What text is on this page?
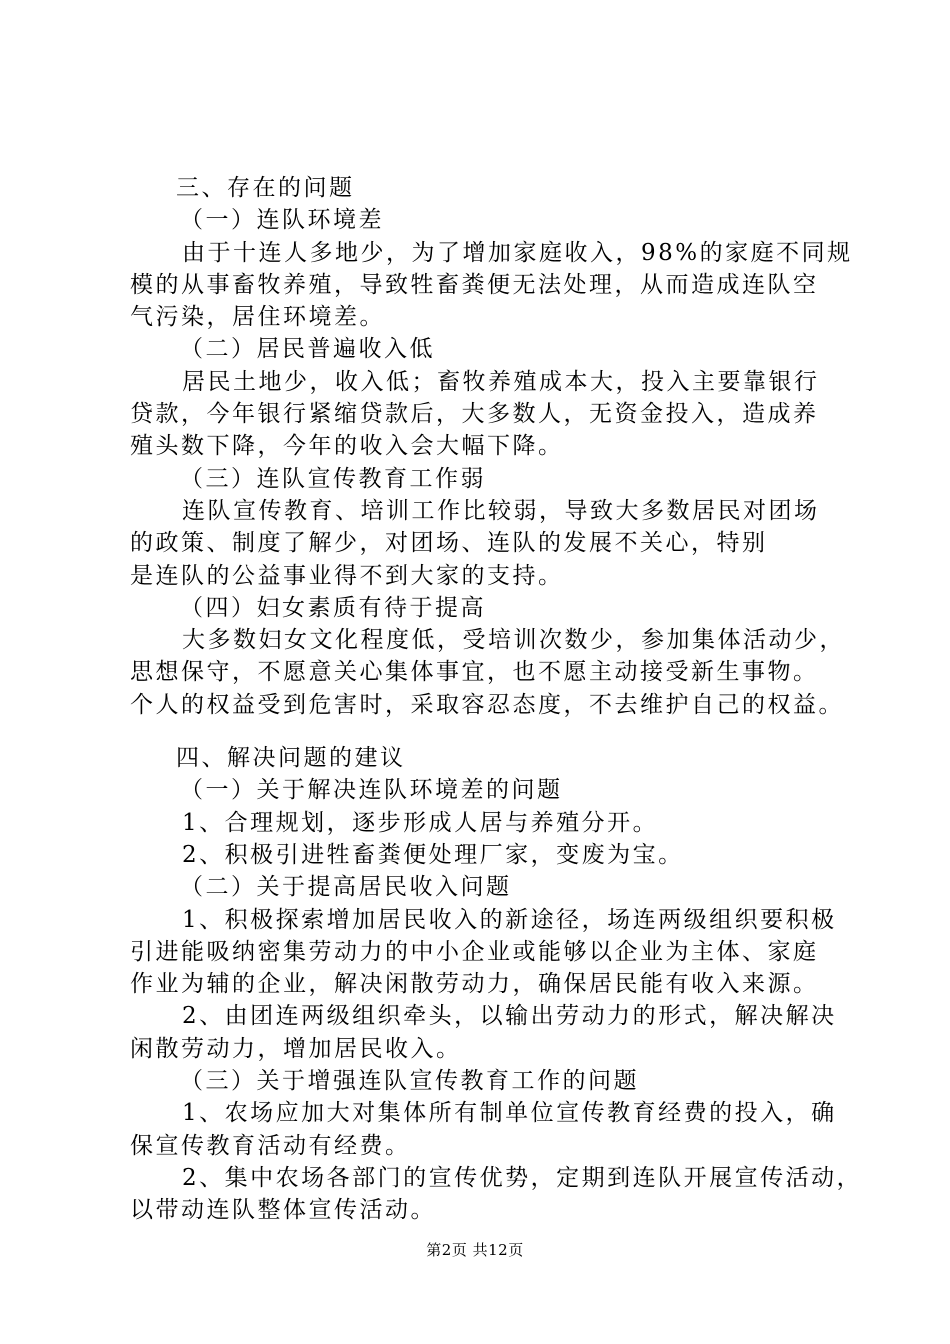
三、存在的问题
（一）连队环境差
由于十连人多地少，为了增加家庭收入，98%的家庭不同规
模的从事畜牧养殖，导致牲畜粪便无法处理，从而造成连队空
气污染，居住环境差。
（二）居民普遍收入低
居民土地少，收入低；畜牧养殖成本大，投入主要靠银行
贷款，今年银行紧缩贷款后，大多数人，无资金投入，造成养
殖头数下降，今年的收入会大幅下降。
（三）连队宣传教育工作弱
连队宣传教育、培训工作比较弱，导致大多数居民对团场
的政策、制度了解少，对团场、连队的发展不关心，特别
是连队的公益事业得不到大家的支持。
（四）妇女素质有待于提高
大多数妇女文化程度低，受培训次数少，参加集体活动少，
思想保守，不愿意关心集体事宜，也不愿主动接受新生事物。
个人的权益受到危害时，采取容忍态度，不去维护自己的权益。
四、解决问题的建议
（一）关于解决连队环境差的问题
1、合理规划，逐步形成人居与养殖分开。
2、积极引进牲畜粪便处理厂家，变废为宝。
（二）关于提高居民收入问题
1、积极探索增加居民收入的新途径，场连两级组织要积极
引进能吸纳密集劳动力的中小企业或能够以企业为主体、家庭
作业为辅的企业，解决闲散劳动力，确保居民能有收入来源。
2、由团连两级组织牵头，以输出劳动力的形式，解决解决
闲散劳动力，增加居民收入。
（三）关于增强连队宣传教育工作的问题
1、农场应加大对集体所有制单位宣传教育经费的投入，确
保宣传教育活动有经费。
2、集中农场各部门的宣传优势，定期到连队开展宣传活动，
以带动连队整体宣传活动。
第2页 共12页
